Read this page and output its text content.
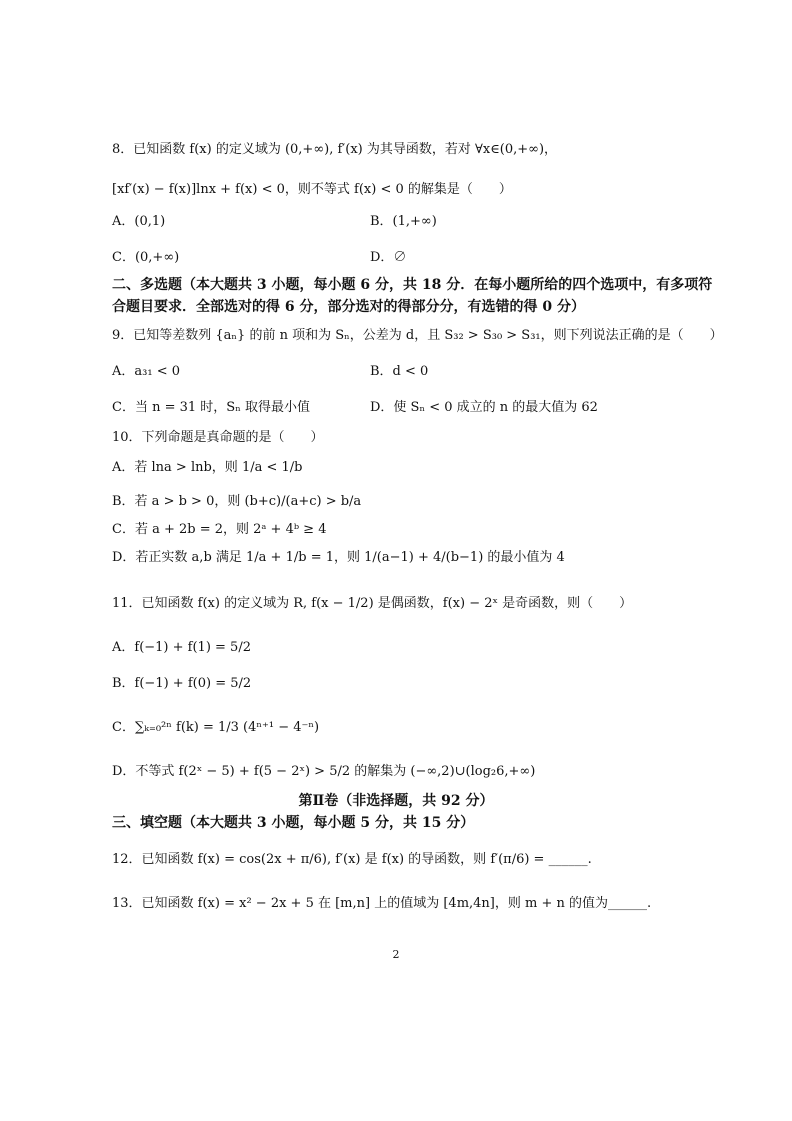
8．已知函数 f(x) 的定义域为 (0,+∞), f′(x) 为其导函数，若对 ∀x∈(0,+∞)，
[xf′(x) − f(x)]lnx + f(x) < 0，则不等式 f(x) < 0 的解集是（　　）
A．(0,1)	B．(1,+∞)
C．(0,+∞)	D．∅
二、多选题（本大题共 3 小题，每小题 6 分，共 18 分．在每小题所给的四个选项中，有多项符
合题目要求．全部选对的得 6 分，部分选对的得部分分，有选错的得 0 分）
9．已知等差数列 {aₙ} 的前 n 项和为 Sₙ，公差为 d，且 S₃₂ > S₃₀ > S₃₁，则下列说法正确的是（　　）
A．a₃₁ < 0	B．d < 0
C．当 n = 31 时，Sₙ 取得最小值	D．使 Sₙ < 0 成立的 n 的最大值为 62
10．下列命题是真命题的是（　　）
A．若 lna > lnb，则 1/a < 1/b
B．若 a > b > 0，则 (b+c)/(a+c) > b/a
C．若 a + 2b = 2，则 2ᵃ + 4ᵇ ≥ 4
D．若正实数 a,b 满足 1/a + 1/b = 1，则 1/(a−1) + 4/(b−1) 的最小值为 4
11．已知函数 f(x) 的定义域为 R, f(x − 1/2) 是偶函数，f(x) − 2ˣ 是奇函数，则（　　）
A．f(−1) + f(1) = 5/2
B．f(−1) + f(0) = 5/2
C．∑ₖ₌₀²ⁿ f(k) = 1/3 (4ⁿ⁺¹ − 4⁻ⁿ)
D．不等式 f(2ˣ − 5) + f(5 − 2ˣ) > 5/2 的解集为 (−∞,2)∪(log₂6,+∞)
第Ⅱ卷（非选择题，共 92 分）
三、填空题（本大题共 3 小题，每小题 5 分，共 15 分）
12．已知函数 f(x) = cos(2x + π/6), f′(x) 是 f(x) 的导函数，则 f′(π/6) = ______.
13．已知函数 f(x) = x² − 2x + 5 在 [m,n] 上的值域为 [4m,4n]，则 m + n 的值为______.
2
